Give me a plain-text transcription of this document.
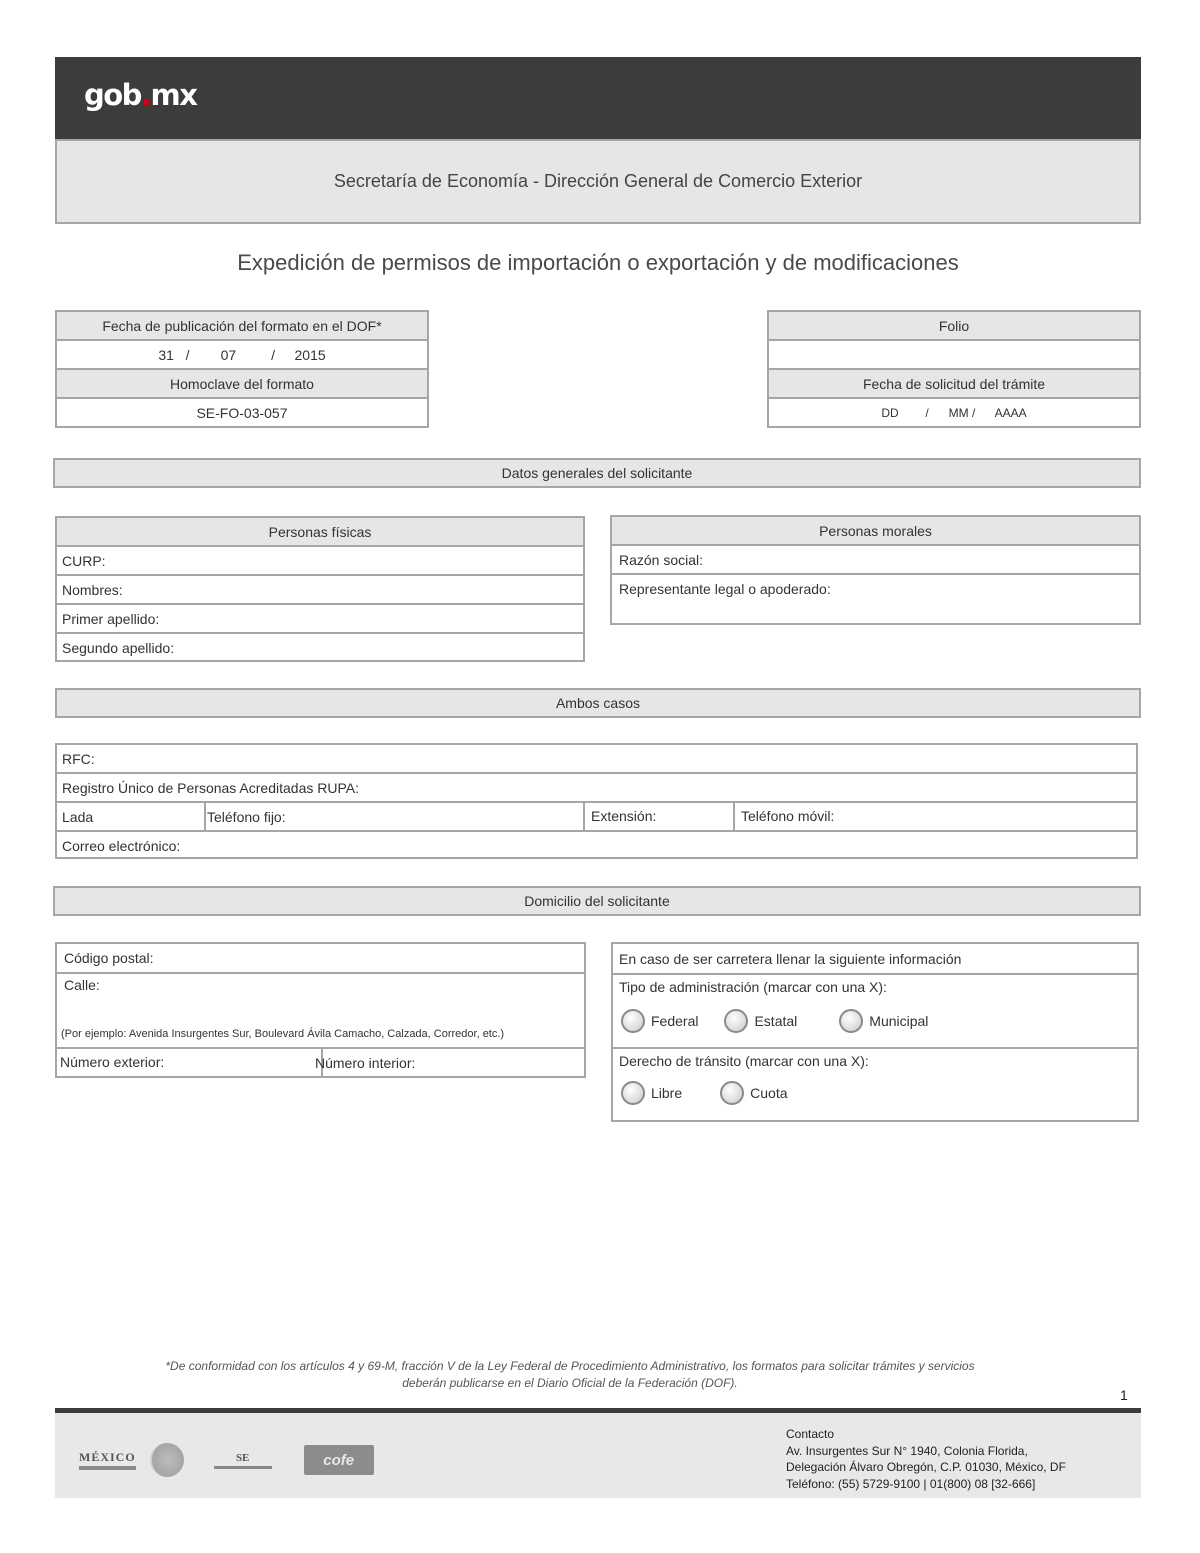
gob.mx
Secretaría de Economía - Dirección General de Comercio Exterior
Expedición de permisos de importación o exportación y de modificaciones
Fecha de publicación del formato en el DOF*
31   /        07         /     2015
Homoclave del formato
SE-FO-03-057
Folio

Fecha de solicitud del trámite
DD        /      MM /      AAAA
Datos generales del solicitante
Personas físicas
CURP:
Nombres:
Primer apellido:
Segundo apellido:
Personas morales
Razón social:
Representante legal o apoderado:
Ambos casos
RFC:
Registro Único de Personas Acreditadas RUPA:
Lada	Teléfono fijo:	Extensión:	Teléfono móvil:
Correo electrónico:
Domicilio del solicitante
Código postal:
Calle:
(Por ejemplo: Avenida Insurgentes Sur, Boulevard Ávila Camacho, Calzada, Corredor, etc.)
Número exterior:	Número interior:
En caso de ser carretera llenar la siguiente información
Tipo de administración (marcar con una X):
Federal	Estatal	Municipal
Derecho de tránsito (marcar con una X):
Libre	Cuota
*De conformidad con los artículos 4 y 69-M, fracción V de la Ley Federal de Procedimiento Administrativo, los formatos para solicitar trámites y servicios
deberán publicarse en el Diario Oficial de la Federación (DOF).
1
MÉXICO	SE	cofe
Contacto
Av. Insurgentes Sur N° 1940, Colonia Florida,
Delegación Álvaro Obregón, C.P. 01030, México, DF
Teléfono: (55) 5729-9100 | 01(800) 08 [32-666]
